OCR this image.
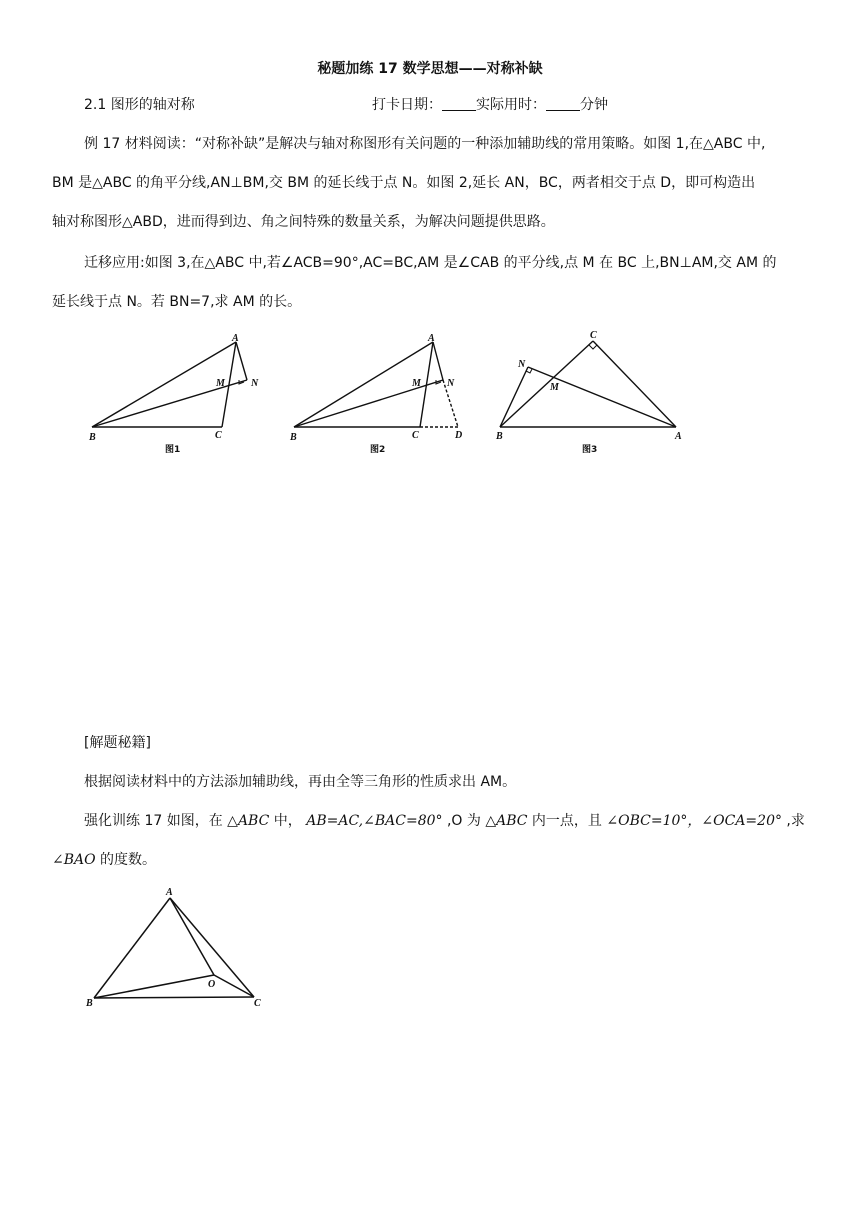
秘题加练 17 数学思想——对称补缺
2.1 图形的轴对称	打卡日期： 实际用时： 分钟
例 17 材料阅读：“对称补缺”是解决与轴对称图形有关问题的一种添加辅助线的常用策略。如图 1,在△ABC 中,
BM 是△ABC 的角平分线,AN⊥BM,交 BM 的延长线于点 N。如图 2,延长 AN，BC，两者相交于点 D，即可构造出
轴对称图形△ABD，进而得到边、角之间特殊的数量关系，为解决问题提供思路。
迁移应用:如图 3,在△ABC 中,若∠ACB=90°,AC=BC,AM 是∠CAB 的平分线,点 M 在 BC 上,BN⊥AM,交 AM 的
延长线于点 N。若 BN=7,求 AM 的长。
A
B	C
M	N
图1
A
B	C	D
M	N
图2
C
N
M
B	A
图3
A
B	C
O
[解题秘籍]
根据阅读材料中的方法添加辅助线，再由全等三角形的性质求出 AM。
强化训练 17 如图，在 △ABC 中， AB=AC,∠BAC=80° ,O 为 △ABC 内一点，且 ∠OBC=10°，∠OCA=20° ,求
∠BAO 的度数。
